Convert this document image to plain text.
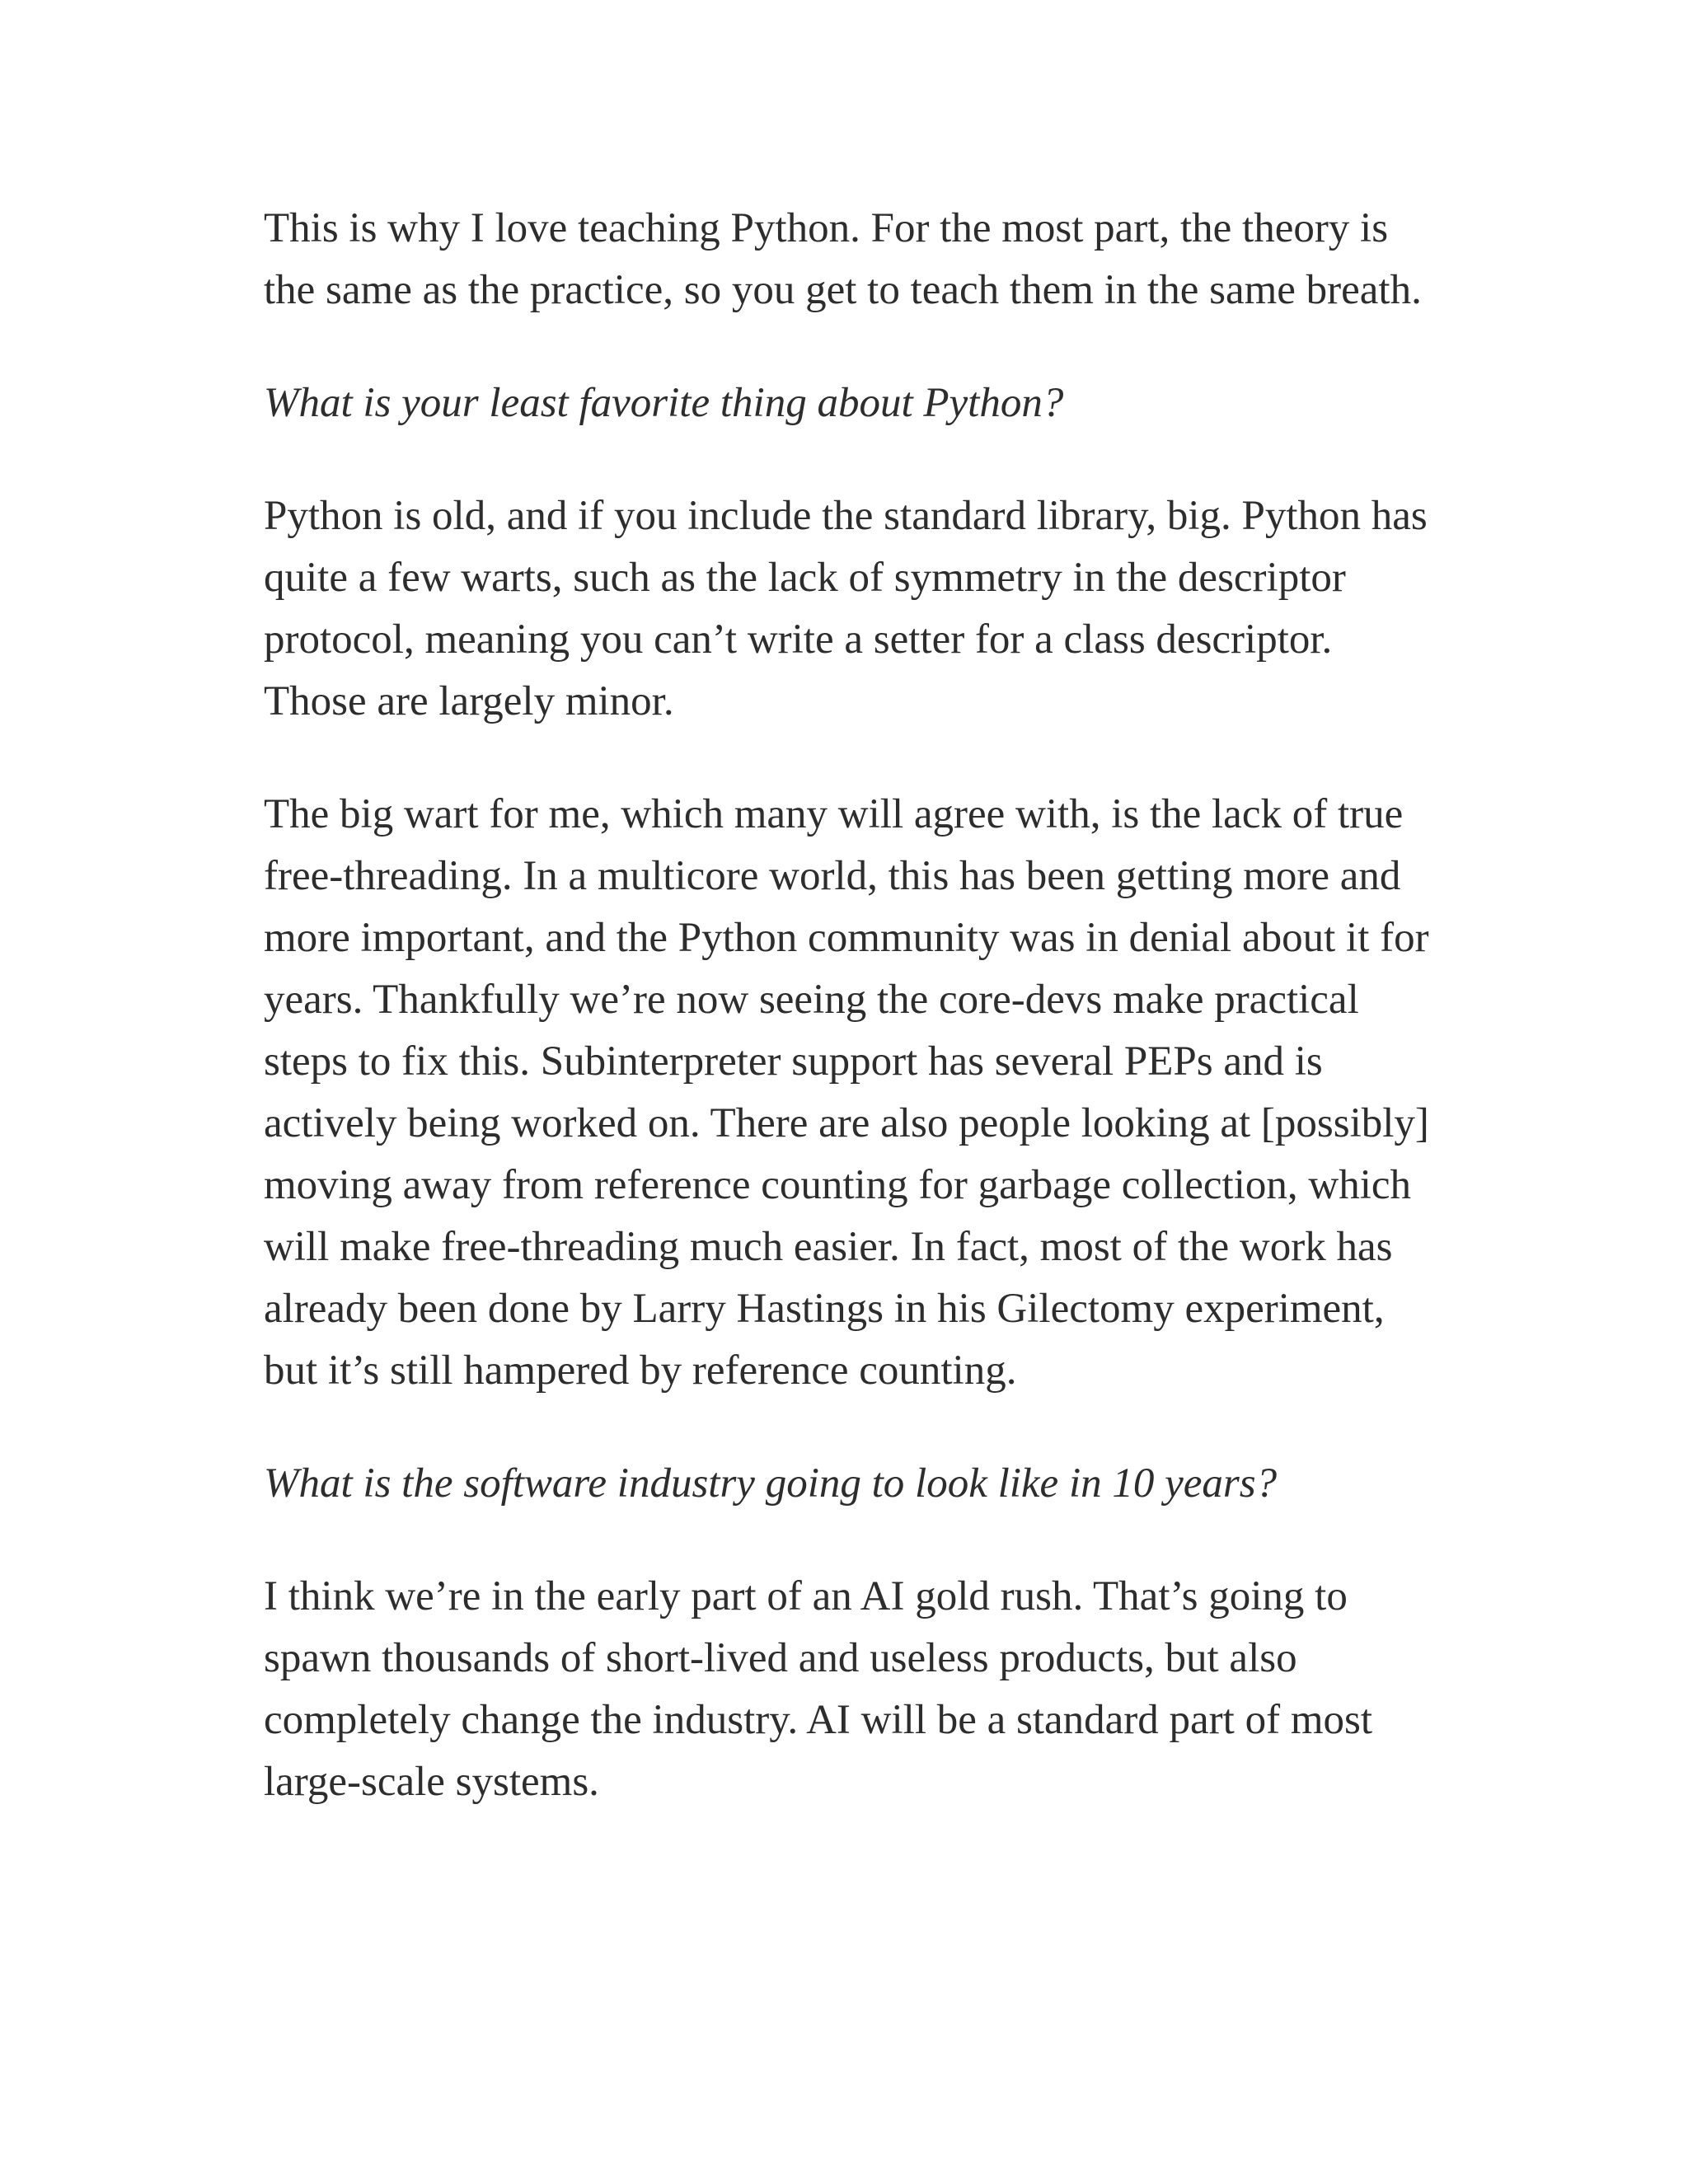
This is why I love teaching Python. For the most part, the theory is
the same as the practice, so you get to teach them in the same breath.

What is your least favorite thing about Python?

Python is old, and if you include the standard library, big. Python has
quite a few warts, such as the lack of symmetry in the descriptor
protocol, meaning you can’t write a setter for a class descriptor.
Those are largely minor.

The big wart for me, which many will agree with, is the lack of true
free-threading. In a multicore world, this has been getting more and
more important, and the Python community was in denial about it for
years. Thankfully we’re now seeing the core-devs make practical
steps to fix this. Subinterpreter support has several PEPs and is
actively being worked on. There are also people looking at [possibly]
moving away from reference counting for garbage collection, which
will make free-threading much easier. In fact, most of the work has
already been done by Larry Hastings in his Gilectomy experiment,
but it’s still hampered by reference counting.

What is the software industry going to look like in 10 years?

I think we’re in the early part of an AI gold rush. That’s going to
spawn thousands of short-lived and useless products, but also
completely change the industry. AI will be a standard part of most
large-scale systems.
